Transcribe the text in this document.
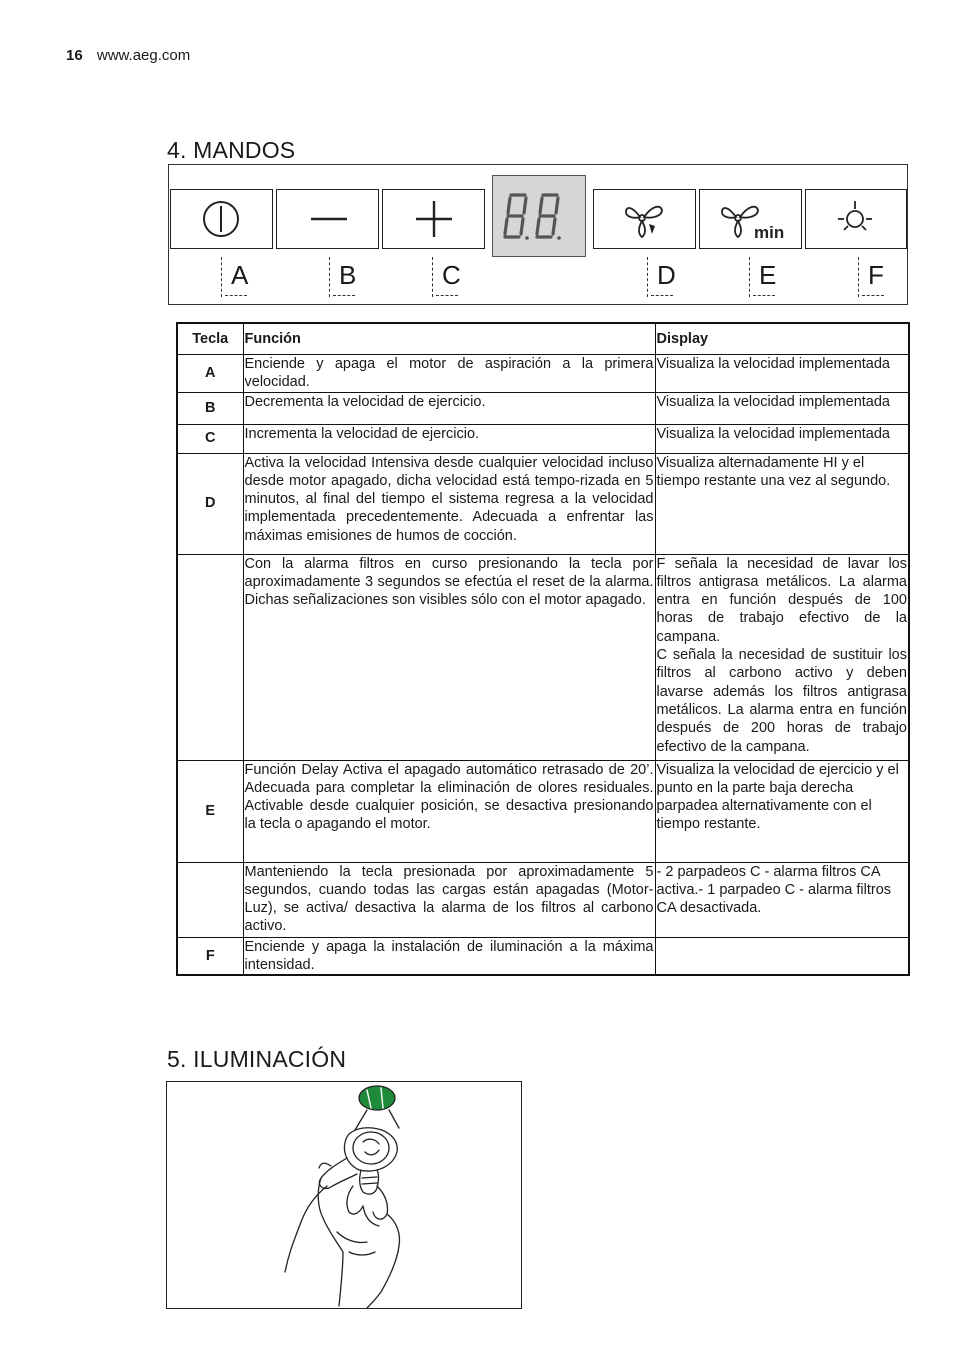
16 www.aeg.com
4. MANDOS
min
A	B	C	D	E	F
Tecla	Función	Display
A	Enciende y apaga el motor de aspiración a la primera velocidad.	Visualiza la velocidad implementada
B	Decrementa la velocidad de ejercicio.	Visualiza la velocidad implementada
C	Incrementa la velocidad de ejercicio.	Visualiza la velocidad implementada
D	Activa la velocidad Intensiva desde cualquier velocidad incluso desde motor apagado, dicha velocidad está tempo-rizada en 5 minutos, al final del tiempo el sistema regresa a la velocidad implementada precedentemente. Adecuada a enfrentar las máximas emisiones de humos de cocción.	Visualiza alternadamente HI y el tiempo restante una vez al segundo.
	Con la alarma filtros en curso presionando la tecla por aproximadamente 3 segundos se efectúa el reset de la alarma. Dichas señalizaciones son visibles sólo con el motor apagado.	F señala la necesidad de lavar los filtros antigrasa metálicos. La alarma entra en función después de 100 horas de trabajo efectivo de la campana.
C señala la necesidad de sustituir los filtros al carbono activo y deben lavarse además los filtros antigrasa metálicos. La alarma entra en función después de 200 horas de trabajo efectivo de la campana.
E	Función Delay Activa el apagado automático retrasado de 20’. Adecuada para completar la eliminación de olores residuales. Activable desde cualquier posición, se desactiva presionando la tecla o apagando el motor.	Visualiza la velocidad de ejercicio y el punto en la parte baja derecha parpadea alternativamente con el tiempo restante.
	Manteniendo la tecla presionada por aproximadamente 5 segundos, cuando todas las cargas están apagadas (Motor-Luz), se activa/ desactiva la alarma de los filtros al carbono activo.	- 2 parpadeos C - alarma filtros CA activa.- 1 parpadeo C - alarma filtros CA desactivada.
F	Enciende y apaga la instalación de iluminación a la máxima intensidad.	
5. ILUMINACIÓN
